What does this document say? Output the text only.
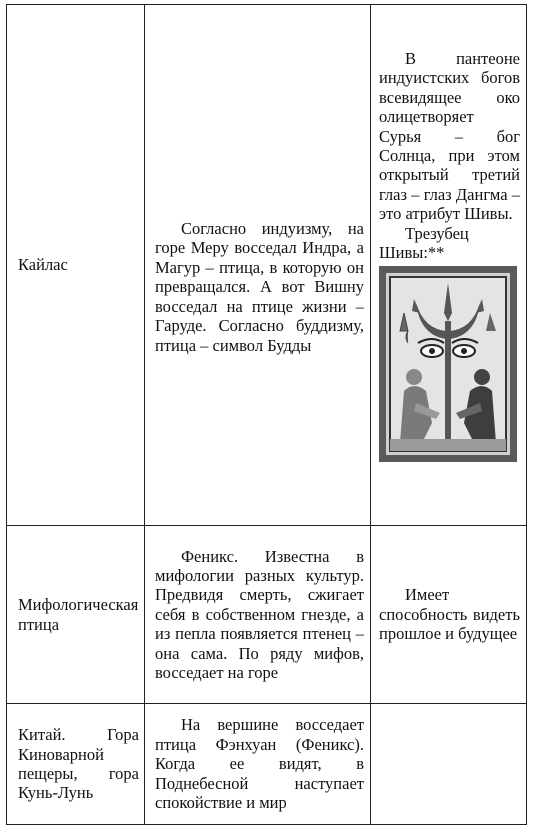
Кайлас	Согласно индуизму, на горе Меру восседал Индра, а Магур – птица, в которую он превращался. А вот Вишну восседал на птице жизни – Гаруде. Согласно буддизму, птица – символ Будды	В пантеоне индуистских богов всевидящее око олицетворяет Сурья – бог Солнца, при этом открытый третий глаз – глаз Дангма – это атрибут Шивы.

Трезубец Шивы:**

Мифологическая птица	Феникс. Известна в мифологии разных культур. Предвидя смерть, сжигает себя в собственном гнезде, а из пепла появляется птенец – она сама. По ряду мифов, восседает на горе	Имеет способность видеть прошлое и будущее

Китай. Гора Киноварной пещеры, гора Кунь-Лунь	На вершине восседает птица Фэнхуан (Феникс). Когда ее видят, в Поднебесной наступает спокойствие и мир	
